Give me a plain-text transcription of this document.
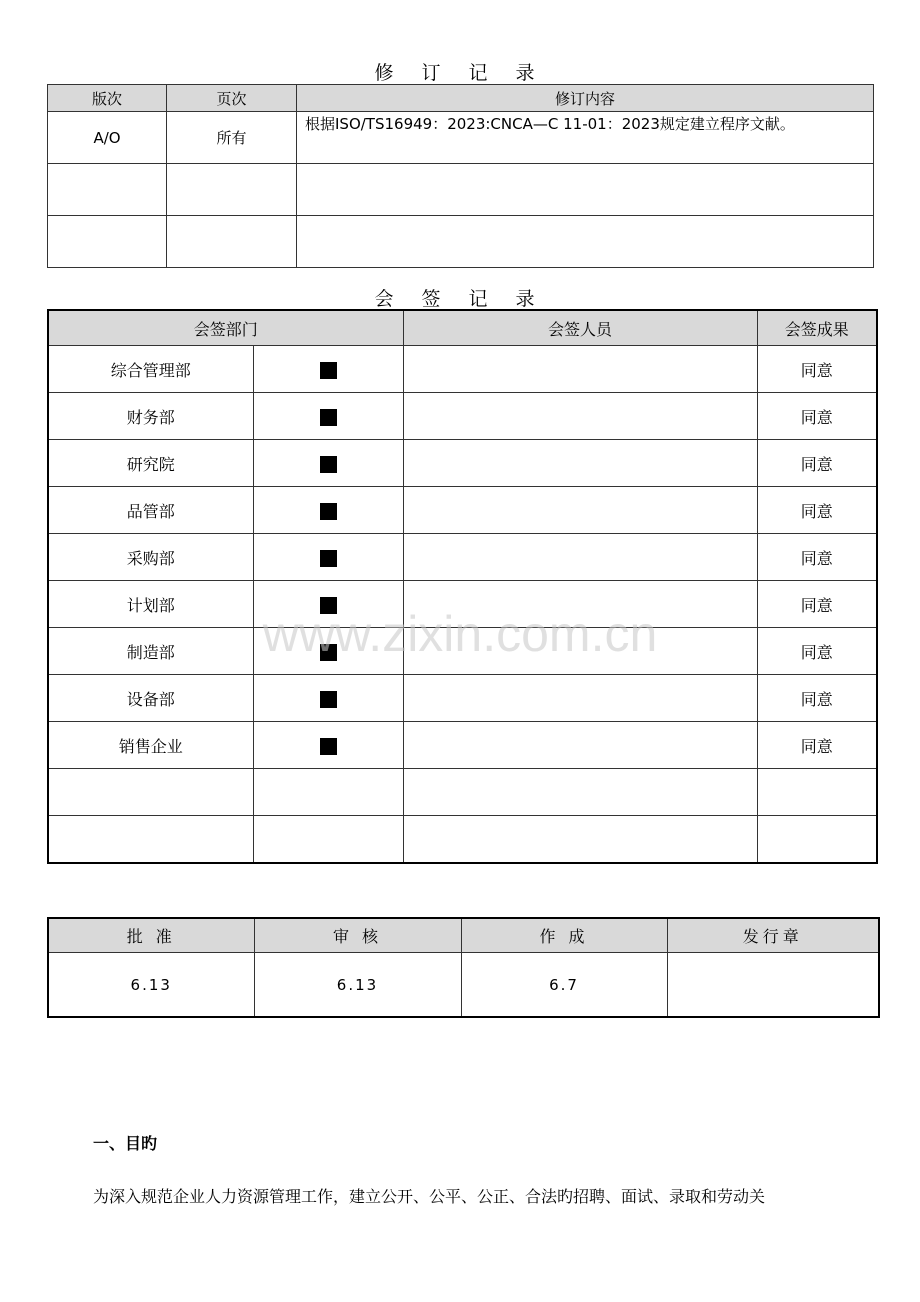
修 订 记 录
版次	页次	修订内容
A/O	所有	根据ISO/TS16949：2023:CNCA—C 11-01：2023规定建立程序文献。

会 签 记 录
会签部门		会签人员	会签成果
综合管理部			同意
财务部			同意
研究院			同意
品管部			同意
采购部			同意
计划部			同意
制造部			同意
设备部			同意
销售企业			同意

www.zixin.com.cn
批 准	审 核	作 成	发行章
6.13	6.13	6.7	
一、目旳
为深入规范企业人力资源管理工作，建立公开、公平、公正、合法旳招聘、面试、录取和劳动关
